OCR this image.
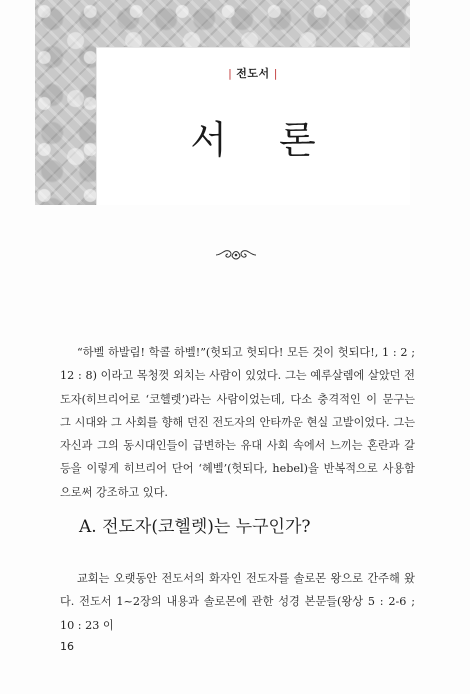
| 전도서 |
서 론

“하벨 하발림! 학콜 하벨!”(헛되고 헛되다! 모든 것이 헛되다!, 1 : 2 ; 12 : 8) 이라고 목청껏 외치는 사람이 있었다. 그는 예루살렘에 살았던 전도자(히브리어로 ‘코헬렛’)라는 사람이었는데, 다소 충격적인 이 문구는 그 시대와 그 사회를 향해 던진 전도자의 안타까운 현실 고발이었다. 그는 자신과 그의 동시대인들이 급변하는 유대 사회 속에서 느끼는 혼란과 갈등을 이렇게 히브리어 단어 ‘헤벨’(헛되다, hebel)을 반복적으로 사용함으로써 강조하고 있다.

A. 전도자(코헬렛)는 누구인가?

교회는 오랫동안 전도서의 화자인 전도자를 솔로몬 왕으로 간주해 왔다. 전도서 1~2장의 내용과 솔로몬에 관한 성경 본문들(왕상 5 : 2-6 ; 10 : 23 이

16
